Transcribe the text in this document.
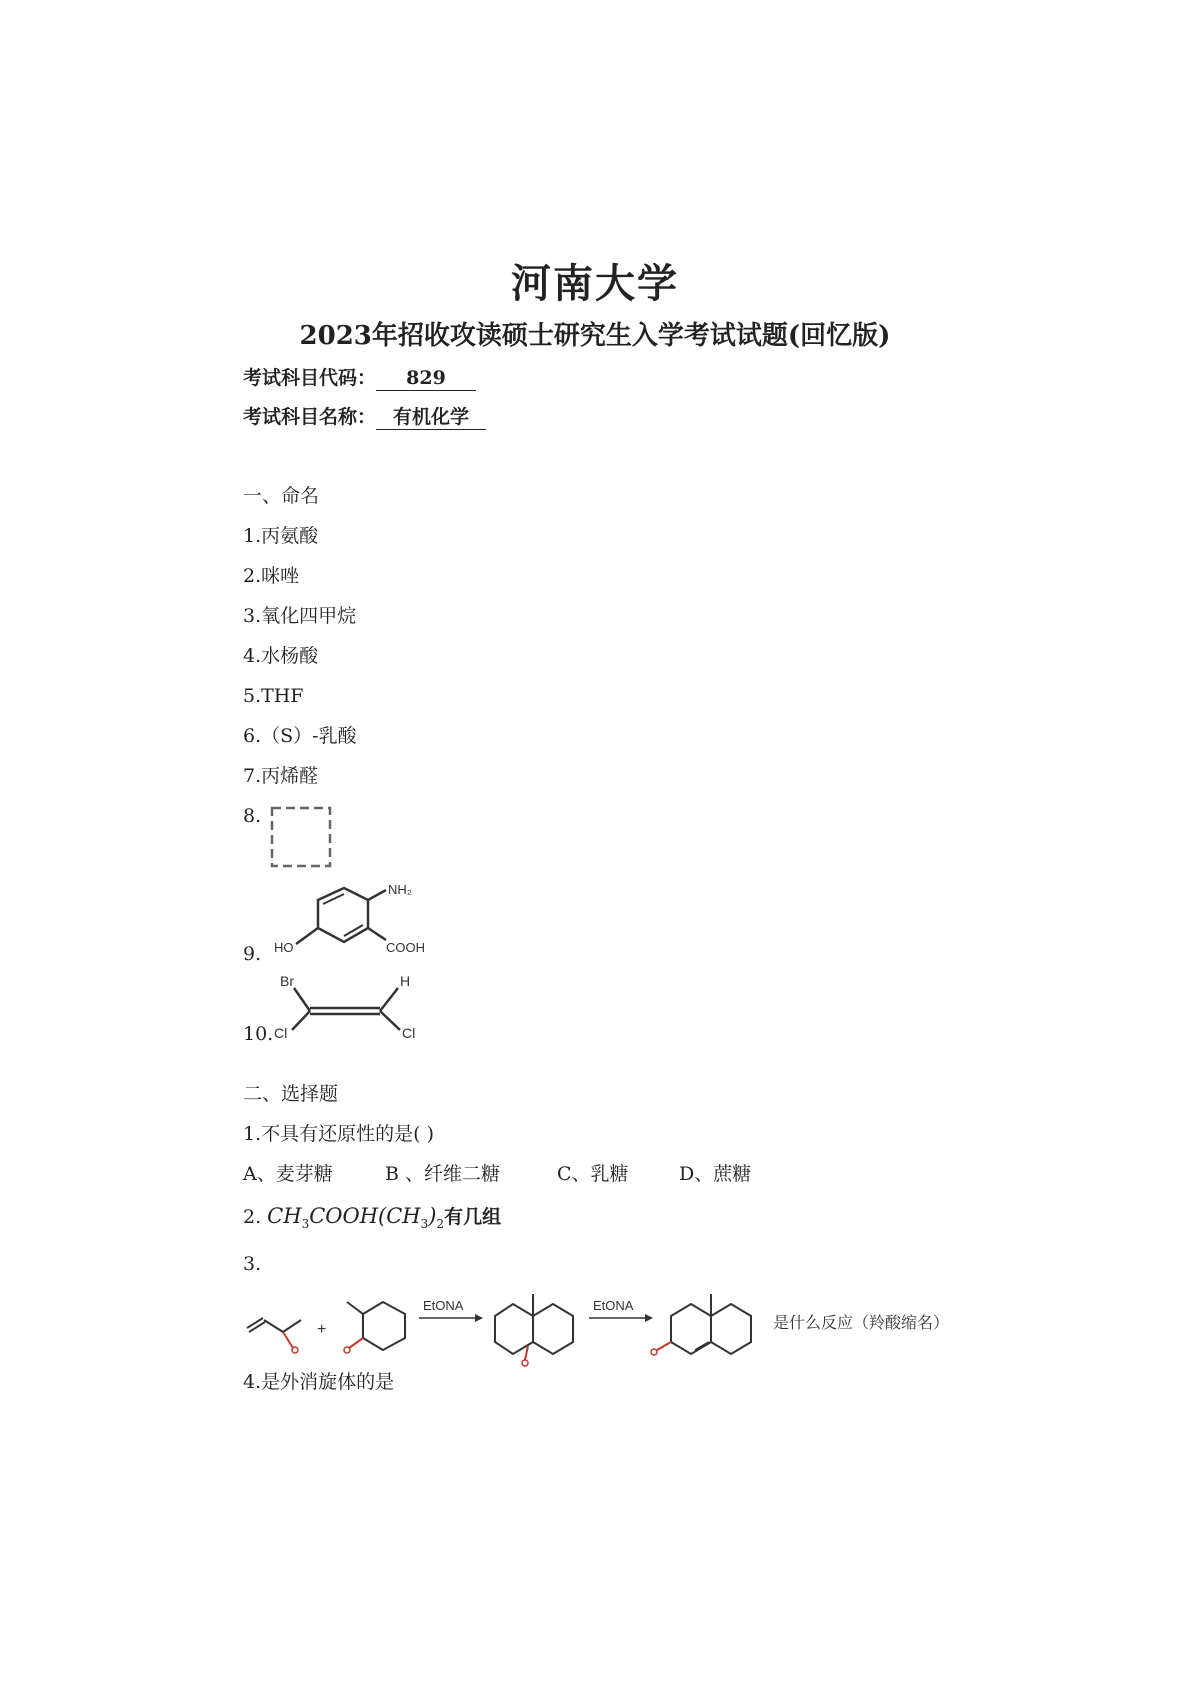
河南大学
2023年招收攻读硕士研究生入学考试试题(回忆版)
考试科目代码： 829
考试科目名称： 有机化学
一、命名
1.丙氨酸
2.咪唑
3.氧化四甲烷
4.水杨酸
5.THF
6.（S）-乳酸
7.丙烯醛
8.
9.
NH₂
HO	COOH
10.
Br	H
Cl	Cl
二、选择题
1.不具有还原性的是( )
A、麦芽糖	B 、纤维二糖	C、乳糖	D、蔗糖
2. $CH_3COOH(CH_3)_2$有几组
3.
+
EtONA	EtONA
是什么反应（羚酸缩名）
4.是外消旋体的是
